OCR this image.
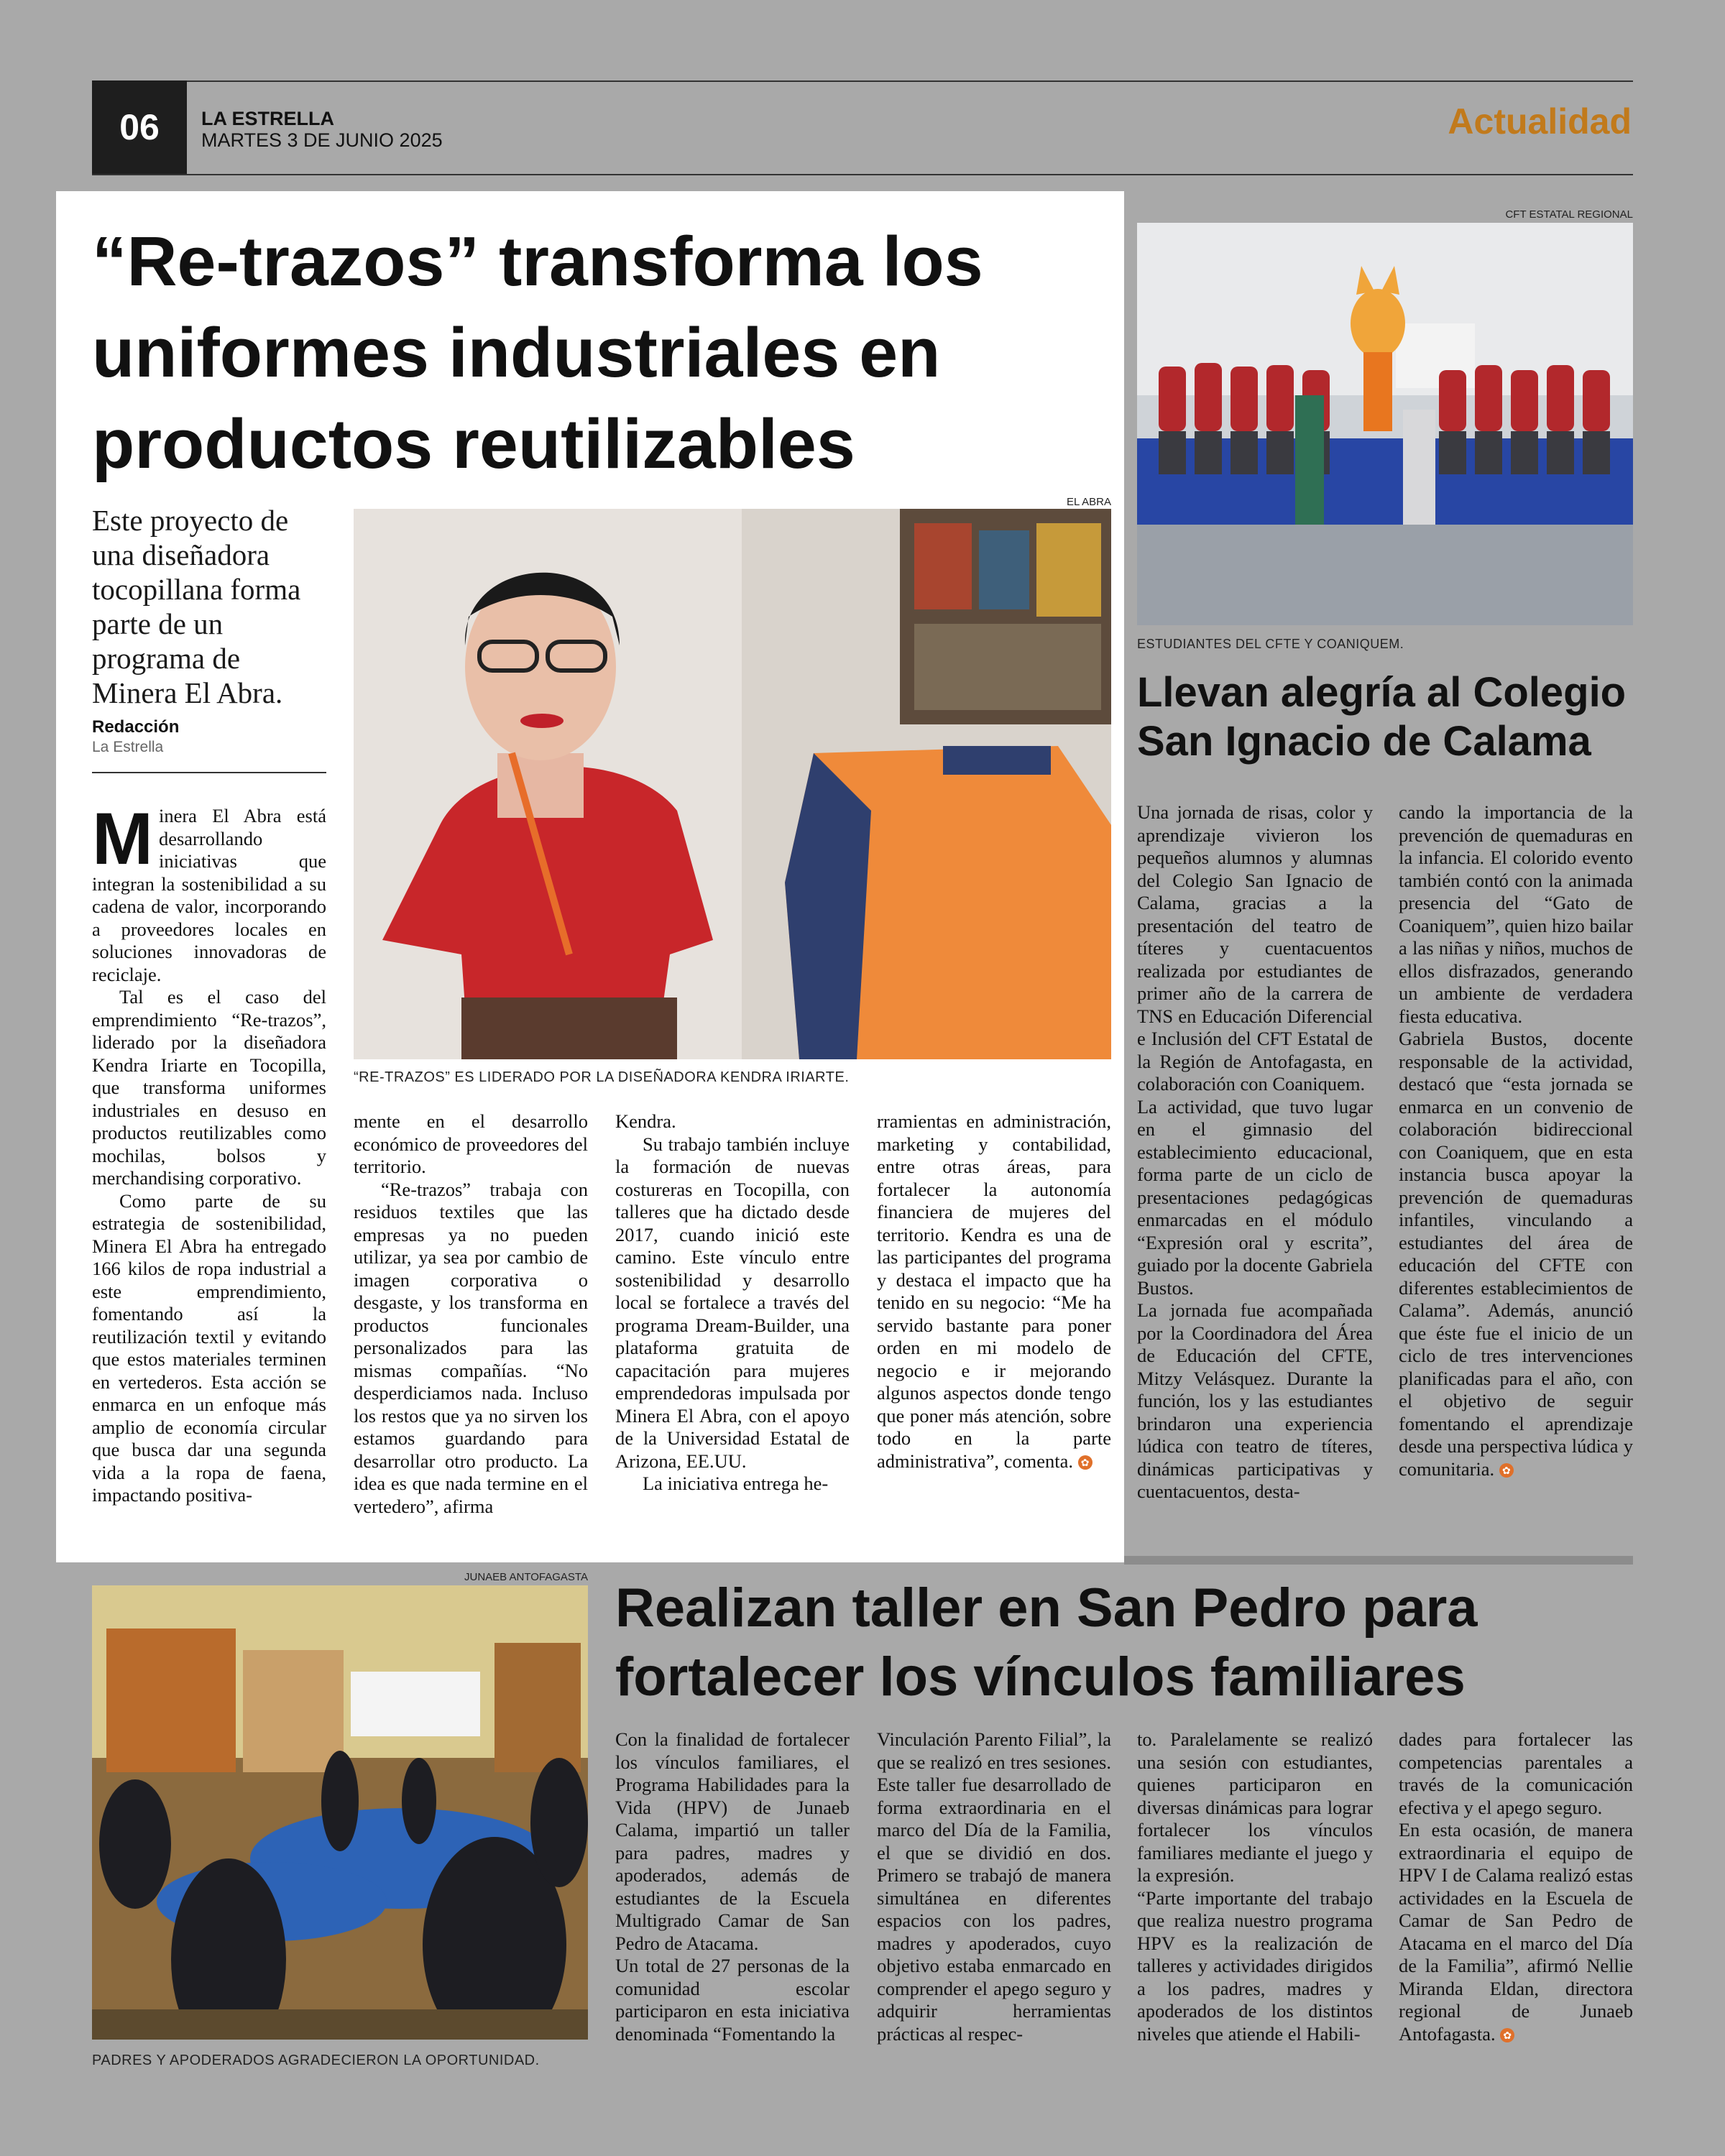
06	LA ESTRELLA
MARTES 3 DE JUNIO 2025	Actualidad
“Re-trazos” transforma los uniformes industriales en productos reutilizables
Este proyecto de una diseñadora tocopillana forma parte de un programa de Minera El Abra.
Redacción
La Estrella
EL ABRA
“RE-TRAZOS” ES LIDERADO POR LA DISEÑADORA KENDRA IRIARTE.

Minera El Abra está desarrollando iniciativas que integran la sostenibilidad a su cadena de valor, incorporando a proveedores locales en soluciones innovadoras de reciclaje.

Tal es el caso del emprendimiento “Re-trazos”, liderado por la diseñadora Kendra Iriarte en Tocopilla, que transforma uniformes industriales en desuso en productos reutilizables como mochilas, bolsos y merchandising corporativo.

Como parte de su estrategia de sostenibilidad, Minera El Abra ha entregado 166 kilos de ropa industrial a este emprendimiento, fomentando así la reutilización textil y evitando que estos materiales terminen en vertederos. Esta acción se enmarca en un enfoque más amplio de economía circular que busca dar una segunda vida a la ropa de faena, impactando positiva-

mente en el desarrollo económico de proveedores del territorio.

“Re-trazos” trabaja con residuos textiles que las empresas ya no pueden utilizar, ya sea por cambio de imagen corporativa o desgaste, y los transforma en productos funcionales personalizados para las mismas compañías. “No desperdiciamos nada. Incluso los restos que ya no sirven los estamos guardando para desarrollar otro producto. La idea es que nada termine en el vertedero”, afirma

Kendra.

Su trabajo también incluye la formación de nuevas costureras en Tocopilla, con talleres que ha dictado desde 2017, cuando inició este camino. Este vínculo entre sostenibilidad y desarrollo local se fortalece a través del programa Dream-Builder, una plataforma gratuita de capacitación para mujeres emprendedoras impulsada por Minera El Abra, con el apoyo de la Universidad Estatal de Arizona, EE.UU.

La iniciativa entrega he-

rramientas en administración, marketing y contabilidad, entre otras áreas, para fortalecer la autonomía financiera de mujeres del territorio. Kendra es una de las participantes del programa y destaca el impacto que ha tenido en su negocio: “Me ha servido bastante para poner orden en mi modelo de negocio e ir mejorando algunos aspectos donde tengo que poner más atención, sobre todo en la parte administrativa”, comenta. ✿

CFT ESTATAL REGIONAL
ESTUDIANTES DEL CFTE Y COANIQUEM.
Llevan alegría al Colegio San Ignacio de Calama

Una jornada de risas, color y aprendizaje vivieron los pequeños alumnos y alumnas del Colegio San Ignacio de Calama, gracias a la presentación del teatro de títeres y cuentacuentos realizada por estudiantes de primer año de la carrera de TNS en Educación Diferencial e Inclusión del CFT Estatal de la Región de Antofagasta, en colaboración con Coaniquem.

La actividad, que tuvo lugar en el gimnasio del establecimiento educacional, forma parte de un ciclo de presentaciones pedagógicas enmarcadas en el módulo “Expresión oral y escrita”, guiado por la docente Gabriela Bustos.

La jornada fue acompañada por la Coordinadora del Área de Educación del CFTE, Mitzy Velásquez. Durante la función, los y las estudiantes brindaron una experiencia lúdica con teatro de títeres, dinámicas participativas y cuentacuentos, desta-

cando la importancia de la prevención de quemaduras en la infancia. El colorido evento también contó con la animada presencia del “Gato de Coaniquem”, quien hizo bailar a las niñas y niños, muchos de ellos disfrazados, generando un ambiente de verdadera fiesta educativa.

Gabriela Bustos, docente responsable de la actividad, destacó que “esta jornada se enmarca en un convenio de colaboración bidireccional con Coaniquem, que en esta instancia busca apoyar la prevención de quemaduras infantiles, vinculando a estudiantes del área de educación del CFTE con diferentes establecimientos de Calama”. Además, anunció que éste fue el inicio de un ciclo de tres intervenciones planificadas para el año, con el objetivo de seguir fomentando el aprendizaje desde una perspectiva lúdica y comunitaria. ✿

JUNAEB ANTOFAGASTA
PADRES Y APODERADOS AGRADECIERON LA OPORTUNIDAD.
Realizan taller en San Pedro para fortalecer los vínculos familiares

Con la finalidad de fortalecer los vínculos familiares, el Programa Habilidades para la Vida (HPV) de Junaeb Calama, impartió un taller para padres, madres y apoderados, además de estudiantes de la Escuela Multigrado Camar de San Pedro de Atacama.

Un total de 27 personas de la comunidad escolar participaron en esta iniciativa denominada “Fomentando la

Vinculación Parento Filial”, la que se realizó en tres sesiones. Este taller fue desarrollado de forma extraordinaria en el marco del Día de la Familia, el que se dividió en dos. Primero se trabajó de manera simultánea en diferentes espacios con los padres, madres y apoderados, cuyo objetivo estaba enmarcado en comprender el apego seguro y adquirir herramientas prácticas al respec-

to. Paralelamente se realizó una sesión con estudiantes, quienes participaron en diversas dinámicas para lograr fortalecer los vínculos familiares mediante el juego y la expresión.

“Parte importante del trabajo que realiza nuestro programa HPV es la realización de talleres y actividades dirigidos a los padres, madres y apoderados de los distintos niveles que atiende el Habili-

dades para fortalecer las competencias parentales a través de la comunicación efectiva y el apego seguro.

En esta ocasión, de manera extraordinaria el equipo de HPV I de Calama realizó estas actividades en la Escuela de Camar de San Pedro de Atacama en el marco del Día de la Familia”, afirmó Nellie Miranda Eldan, directora regional de Junaeb Antofagasta. ✿
